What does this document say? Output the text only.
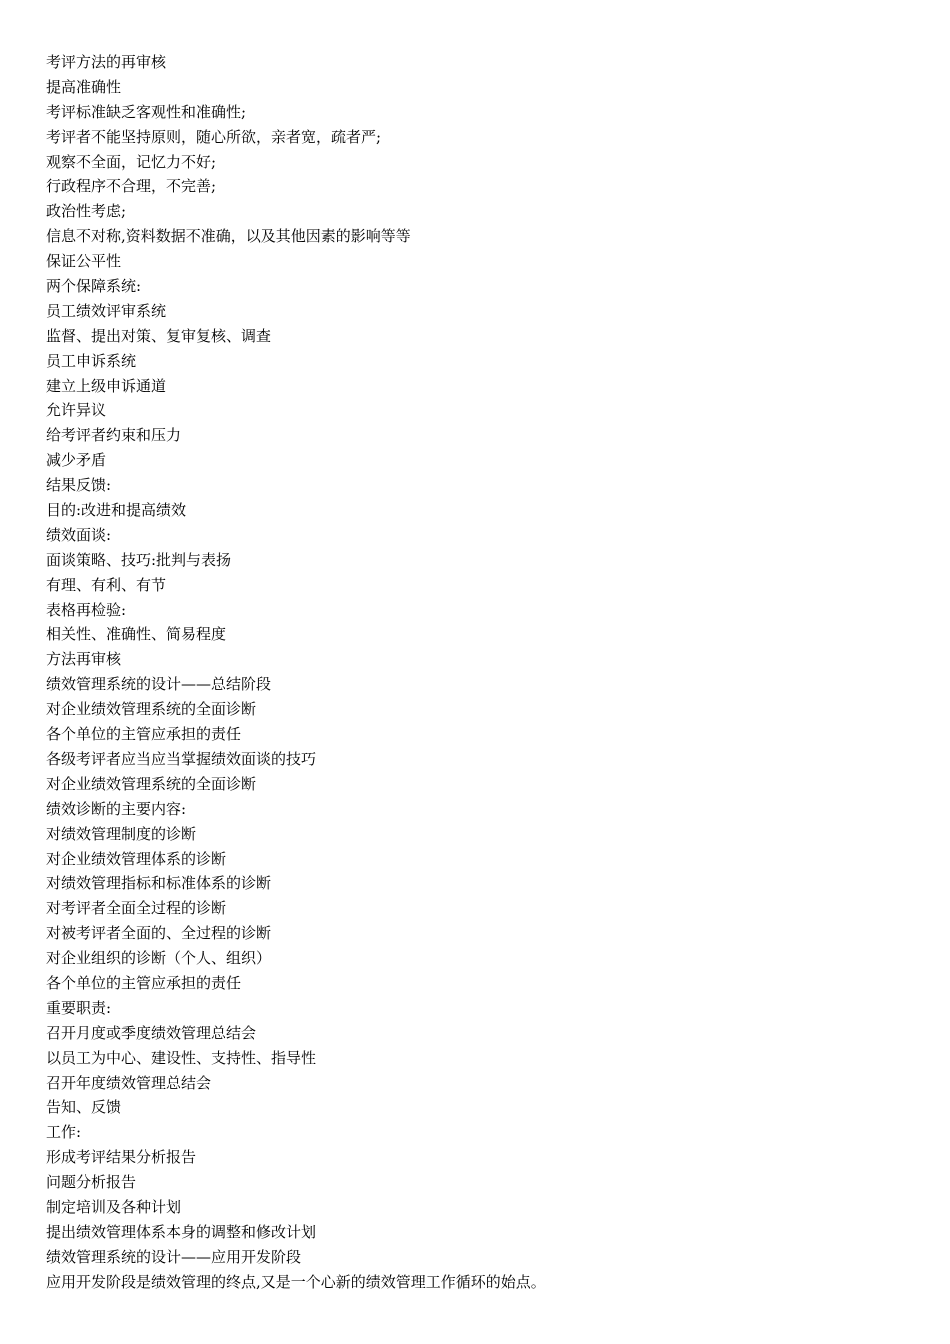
考评方法的再审核
提高准确性
考评标准缺乏客观性和准确性;
考评者不能坚持原则，随心所欲，亲者宽，疏者严;
观察不全面，记忆力不好;
行政程序不合理，不完善;
政治性考虑;
信息不对称,资料数据不准确，以及其他因素的影响等等
保证公平性
两个保障系统:
员工绩效评审系统
监督、提出对策、复审复核、调查
员工申诉系统
建立上级申诉通道
允许异议
给考评者约束和压力
减少矛盾
结果反馈:
目的:改进和提高绩效
绩效面谈:
面谈策略、技巧:批判与表扬
有理、有利、有节
表格再检验:
相关性、准确性、简易程度
方法再审核
绩效管理系统的设计——总结阶段
对企业绩效管理系统的全面诊断
各个单位的主管应承担的责任
各级考评者应当应当掌握绩效面谈的技巧
对企业绩效管理系统的全面诊断
绩效诊断的主要内容:
对绩效管理制度的诊断
对企业绩效管理体系的诊断
对绩效管理指标和标准体系的诊断
对考评者全面全过程的诊断
对被考评者全面的、全过程的诊断
对企业组织的诊断（个人、组织）
各个单位的主管应承担的责任
重要职责:
召开月度或季度绩效管理总结会
以员工为中心、建设性、支持性、指导性
召开年度绩效管理总结会
告知、反馈
工作:
形成考评结果分析报告
问题分析报告
制定培训及各种计划
提出绩效管理体系本身的调整和修改计划
绩效管理系统的设计——应用开发阶段
应用开发阶段是绩效管理的终点,又是一个心新的绩效管理工作循环的始点。
